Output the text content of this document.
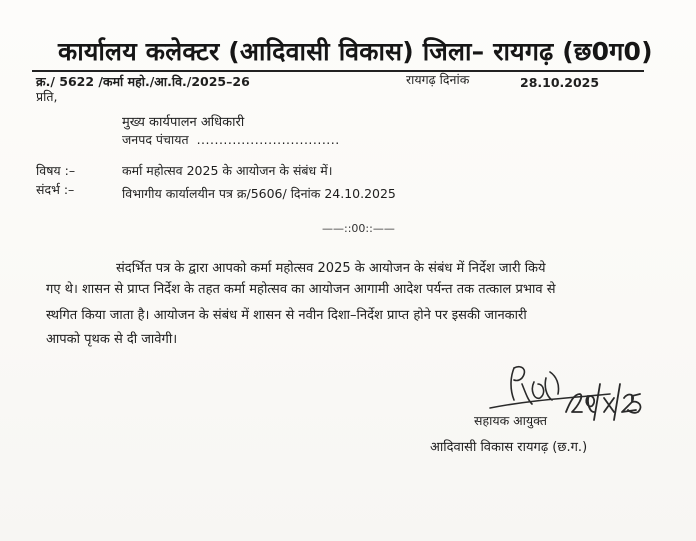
कार्यालय कलेक्टर (आदिवासी विकास) जिला– रायगढ़ (छ0ग0)
क्र./ 5622 /कर्मा महो./आ.वि./2025–26	रायगढ़ दिनांक	28.10.2025
प्रति,
मुख्य कार्यपालन अधिकारी
जनपद पंचायत ................................
विषय :–	कर्मा महोत्सव 2025 के आयोजन के संबंध में।
संदर्भ :–	विभागीय कार्यालयीन पत्र क्र/5606/ दिनांक 24.10.2025
——::00::——
संदर्भित पत्र के द्वारा आपको कर्मा महोत्सव 2025 के आयोजन के संबंध में निर्देश जारी किये
गए थे। शासन से प्राप्त निर्देश के तहत कर्मा महोत्सव का आयोजन आगामी आदेश पर्यन्त तक तत्काल प्रभाव से
स्थगित किया जाता है। आयोजन के संबंध में शासन से नवीन दिशा–निर्देश प्राप्त होने पर इसकी जानकारी
आपको पृथक से दी जावेगी।
28/x/25
सहायक आयुक्त
आदिवासी विकास रायगढ़ (छ.ग.)
